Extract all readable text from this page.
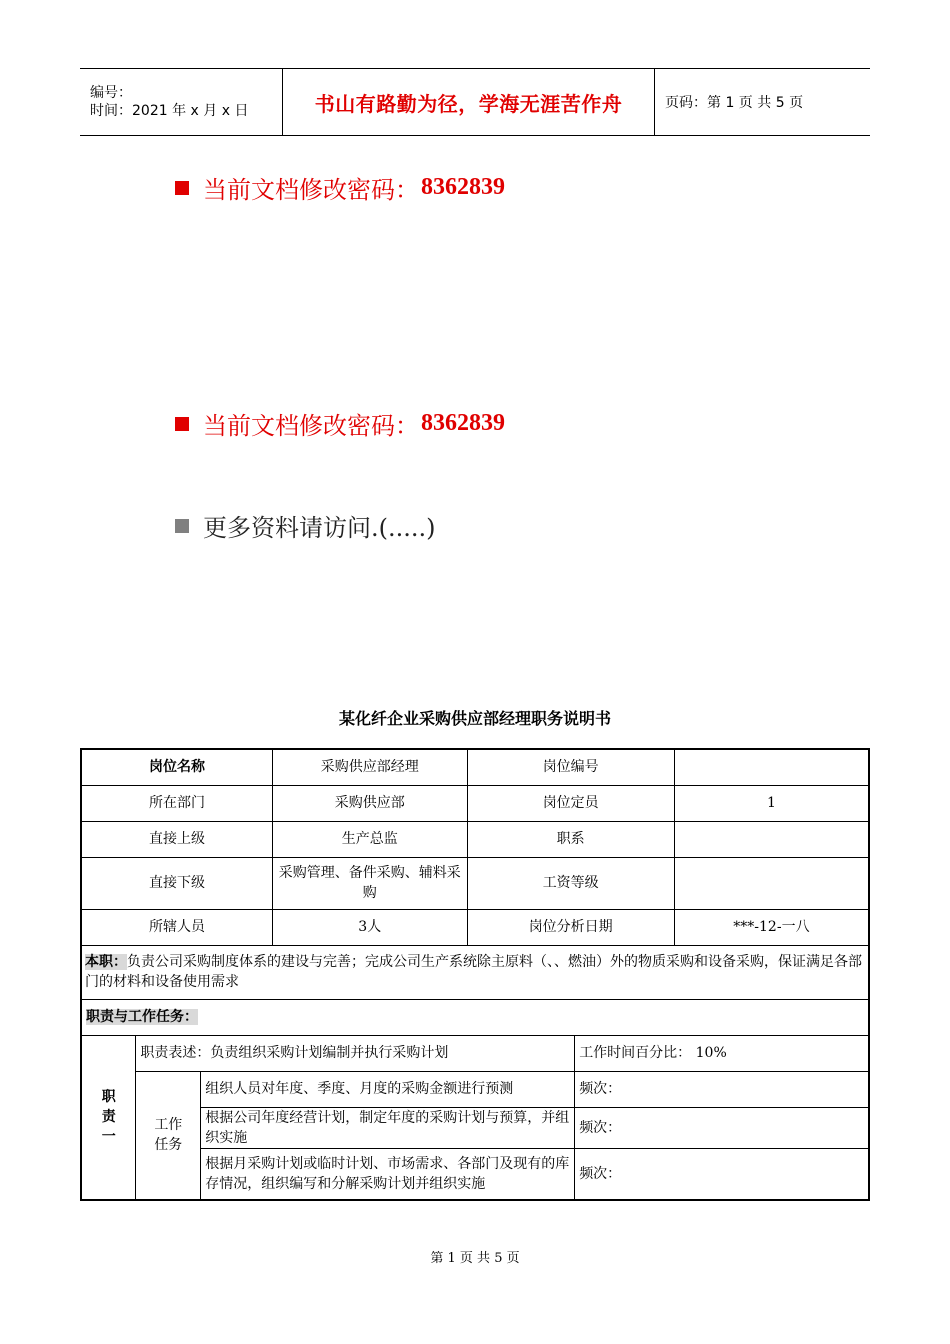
编号：
时间：2021 年 x 月 x 日	书山有路勤为径，学海无涯苦作舟	页码：第 1 页 共 5 页
当前文档修改密码： 8362839
当前文档修改密码： 8362839
更多资料请访问.(.....)
某化纤企业采购供应部经理职务说明书
岗位名称			采购供应部经理	岗位编号		
所在部门			采购供应部	岗位定员		1
直接上级			生产总监	职系		
直接下级			采购管理、备件采购、辅料采购	工资等级		
所辖人员			3人	岗位分析日期		***-12-一八
本职：负责公司采购制度体系的建设与完善；完成公司生产系统除主原料（、、燃油）外的物质采购和设备采购，保证满足各部门的材料和设备使用需求						
职责与工作任务：						

职
责
一	职责表述：负责组织采购计划编制并执行采购计划				工作时间百分比： 10%	

	工作
任务	组织人员对年度、季度、月度的采购金额进行预测			频次：	
		根据公司年度经营计划，制定年度的采购计划与预算，并组织实施			频次：	
		根据月采购计划或临时计划、市场需求、各部门及现有的库存情况，组织编写和分解采购计划并组织实施			频次：	
第 1 页 共 5 页
